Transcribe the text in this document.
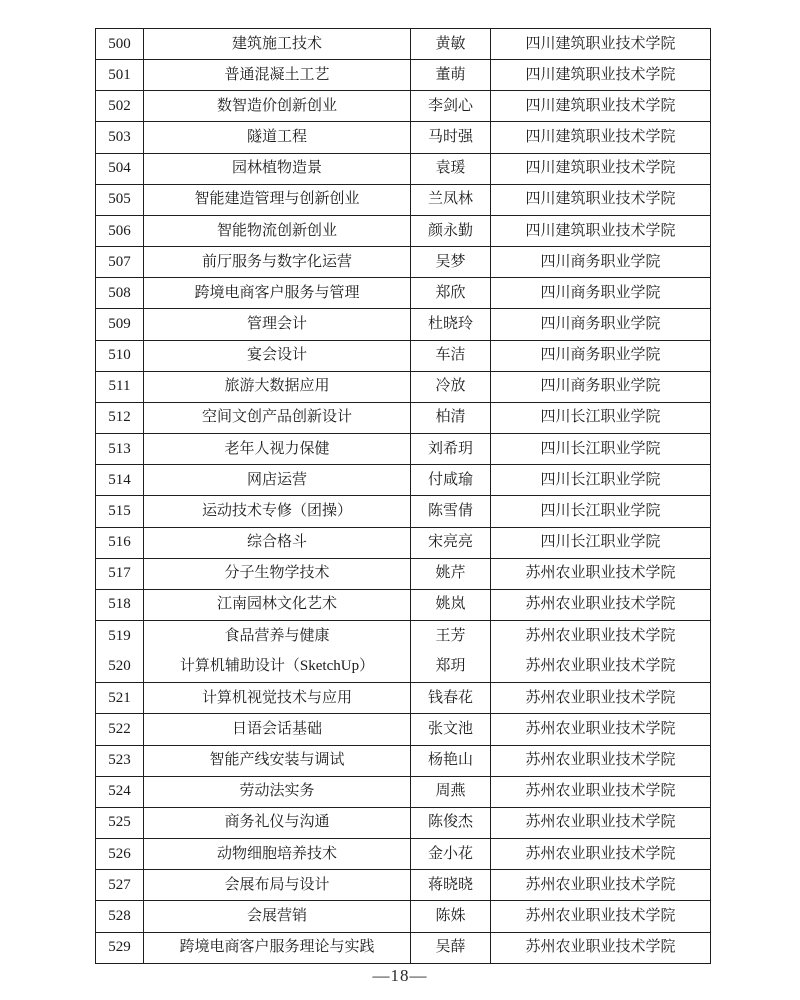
500	建筑施工技术	黄敏	四川建筑职业技术学院
501	普通混凝土工艺	董萌	四川建筑职业技术学院
502	数智造价创新创业	李剑心	四川建筑职业技术学院
503	隧道工程	马时强	四川建筑职业技术学院
504	园林植物造景	袁瑗	四川建筑职业技术学院
505	智能建造管理与创新创业	兰凤林	四川建筑职业技术学院
506	智能物流创新创业	颜永勤	四川建筑职业技术学院
507	前厅服务与数字化运营	吴梦	四川商务职业学院
508	跨境电商客户服务与管理	郑欣	四川商务职业学院
509	管理会计	杜晓玲	四川商务职业学院
510	宴会设计	车洁	四川商务职业学院
511	旅游大数据应用	冷放	四川商务职业学院
512	空间文创产品创新设计	柏清	四川长江职业学院
513	老年人视力保健	刘希玥	四川长江职业学院
514	网店运营	付咸瑜	四川长江职业学院
515	运动技术专修（团操）	陈雪倩	四川长江职业学院
516	综合格斗	宋亮亮	四川长江职业学院
517	分子生物学技术	姚芹	苏州农业职业技术学院
518	江南园林文化艺术	姚岚	苏州农业职业技术学院
519	食品营养与健康	王芳	苏州农业职业技术学院
520	计算机辅助设计（SketchUp）	郑玥	苏州农业职业技术学院
521	计算机视觉技术与应用	钱春花	苏州农业职业技术学院
522	日语会话基础	张文池	苏州农业职业技术学院
523	智能产线安装与调试	杨艳山	苏州农业职业技术学院
524	劳动法实务	周燕	苏州农业职业技术学院
525	商务礼仪与沟通	陈俊杰	苏州农业职业技术学院
526	动物细胞培养技术	金小花	苏州农业职业技术学院
527	会展布局与设计	蒋晓晓	苏州农业职业技术学院
528	会展营销	陈姝	苏州农业职业技术学院
529	跨境电商客户服务理论与实践	吴薛	苏州农业职业技术学院
—18—
